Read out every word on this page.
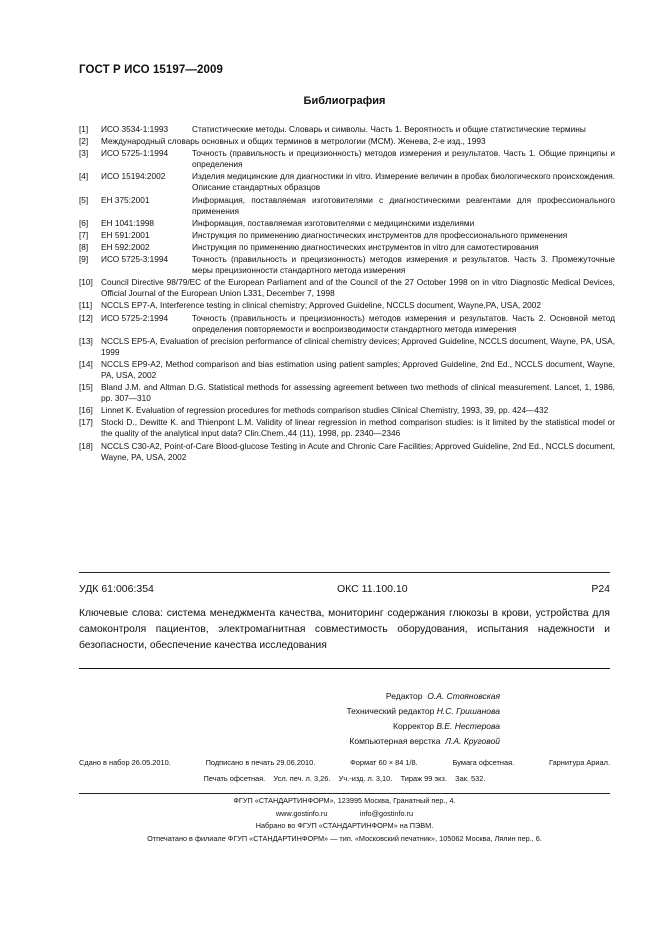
ГОСТ Р ИСО 15197—2009
Библиография
[1]	ИСО 3534-1:1993	Статистические методы. Словарь и символы. Часть 1. Вероятность и общие статистические термины
[2]	Международный словарь основных и общих терминов в метрологии (МСМ). Женева, 2-е изд., 1993
[3]	ИСО 5725-1:1994	Точность (правильность и прецизионность) методов измерения и результатов. Часть 1. Общие принципы и определения
[4]	ИСО 15194:2002	Изделия медицинские для диагностики in vitro. Измерение величин в пробах биологического происхождения. Описание стандартных образцов
[5]	ЕН 375:2001	Информация, поставляемая изготовителями с диагностическими реагентами для профессионального применения
[6]	ЕН 1041:1998	Информация, поставляемая изготовителями с медицинскими изделиями
[7]	ЕН 591:2001	Инструкция по применению диагностических инструментов для профессионального применения
[8]	ЕН 592:2002	Инструкция по применению диагностических инструментов in vitro для самотестирования
[9]	ИСО 5725-3:1994	Точность (правильность и прецизионность) методов измерения и результатов. Часть 3. Промежуточные меры прецизионности стандартного метода измерения
[10] Council Directive 98/79/EC of the European Parliament and of the Council of the 27 October 1998 on in vitro Diagnostic Medical Devices, Official Journal of the European Union L331, December 7, 1998
[11]	NCCLS EP7-A, Interference testing in clinical chemistry; Approved Guideline, NCCLS document, Wayne,PA, USA, 2002
[12] ИСО 5725-2:1994	Точность (правильность и прецизионность) методов измерения и результатов. Часть 2. Основной метод определения повторяемости и воспроизводимости стандартного метода измерения
[13] NCCLS EP5-A, Evaluation of precision performance of clinical chemistry devices; Approved Guideline, NCCLS document, Wayne, PA, USA, 1999
[14] NCCLS EP9-A2, Method comparison and bias estimation using patient samples; Approved Guideline, 2nd Ed., NCCLS document, Wayne, PA, USA, 2002
[15] Bland J.M. and Altman D.G. Statistical methods for assessing agreement between two methods of clinical measurement. Lancet, 1, 1986, pp. 307—310
[16] Linnet K. Evaluation of regression procedures for methods comparison studies Clinical Chemistry, 1993, 39, pp. 424—432
[17] Stocki D., Dewitte K. and Thienpont L.M. Validity of linear regression in method comparison studies: is it limited by the statistical model or the quality of the analytical input data? Clin.Chem.,44 (11), 1998, pp. 2340—2346
[18] NCCLS C30-A2, Point-of-Care Blood-glucose Testing in Acute and Chronic Care Facilities; Approved Guideline, 2nd Ed., NCCLS document, Wayne, PA, USA, 2002
УДК 61:006:354	ОКС 11.100.10	Р24
Ключевые слова: система менеджмента качества, мониторинг содержания глюкозы в крови, устройства для самоконтроля пациентов, электромагнитная совместимость оборудования, испытания надежности и безопасности, обеспечение качества исследования
Редактор О.А. Стояновская
Технический редактор Н.С. Гришанова
Корректор В.Е. Нестерова
Компьютерная верстка Л.А. Круговой
Сдано в набор 26.05.2010.	Подписано в печать 29.06.2010.	Формат 60 × 84 1/8.	Бумага офсетная.	Гарнитура Ариал.
Печать офсетная. Усл. печ. л. 3,26. Уч.-изд. л. 3,10. Тираж 99 экз. Зак. 532.
ФГУП «СТАНДАРТИНФОРМ», 123995 Москва, Гранатный пер., 4.
www.gostinfo.ru	info@gostinfo.ru
Набрано во ФГУП «СТАНДАРТИНФОРМ» на ПЭВМ.
Отпечатано в филиале ФГУП «СТАНДАРТИНФОРМ» — тип. «Московский печатник», 105062 Москва, Лялин пер., 6.
